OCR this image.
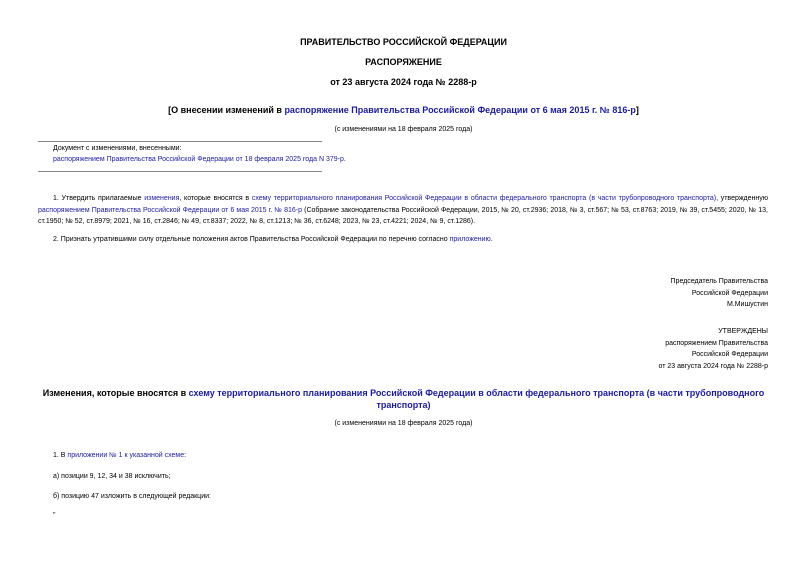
ПРАВИТЕЛЬСТВО РОССИЙСКОЙ ФЕДЕРАЦИИ
РАСПОРЯЖЕНИЕ
от 23 августа 2024 года № 2288-р
[О внесении изменений в распоряжение Правительства Российской Федерации от 6 мая 2015 г. № 816-р]
(с изменениями на 18 февраля 2025 года)
Документ с изменениями, внесенными:
распоряжением Правительства Российской Федерации от 18 февраля 2025 года N 379-р.
1. Утвердить прилагаемые изменения, которые вносятся в схему территориального планирования Российской Федерации в области федерального транспорта (в части трубопроводного транспорта), утвержденную распоряжением Правительства Российской Федерации от 6 мая 2015 г. № 816-р (Собрание законодательства Российской Федерации, 2015, № 20, ст.2936; 2018, № 3, ст.567; № 53, ст.8763; 2019, № 39, ст.5455; 2020, № 13, ст.1950; № 52, ст.8979; 2021, № 16, ст.2846; № 49, ст.8337; 2022, № 8, ст.1213; № 36, ст.6248; 2023, № 23, ст.4221; 2024, № 9, ст.1286).
2. Признать утратившими силу отдельные положения актов Правительства Российской Федерации по перечню согласно приложению.
Председатель Правительства
Российской Федерации
М.Мишустин
УТВЕРЖДЕНЫ
распоряжением Правительства
Российской Федерации
от 23 августа 2024 года № 2288-р
Изменения, которые вносятся в схему территориального планирования Российской Федерации в области федерального транспорта (в части трубопроводного транспорта)
(с изменениями на 18 февраля 2025 года)
1. В приложении № 1 к указанной схеме:
а) позиции 9, 12, 34 и 38 исключить;
б) позицию 47 изложить в следующей редакции:
"
